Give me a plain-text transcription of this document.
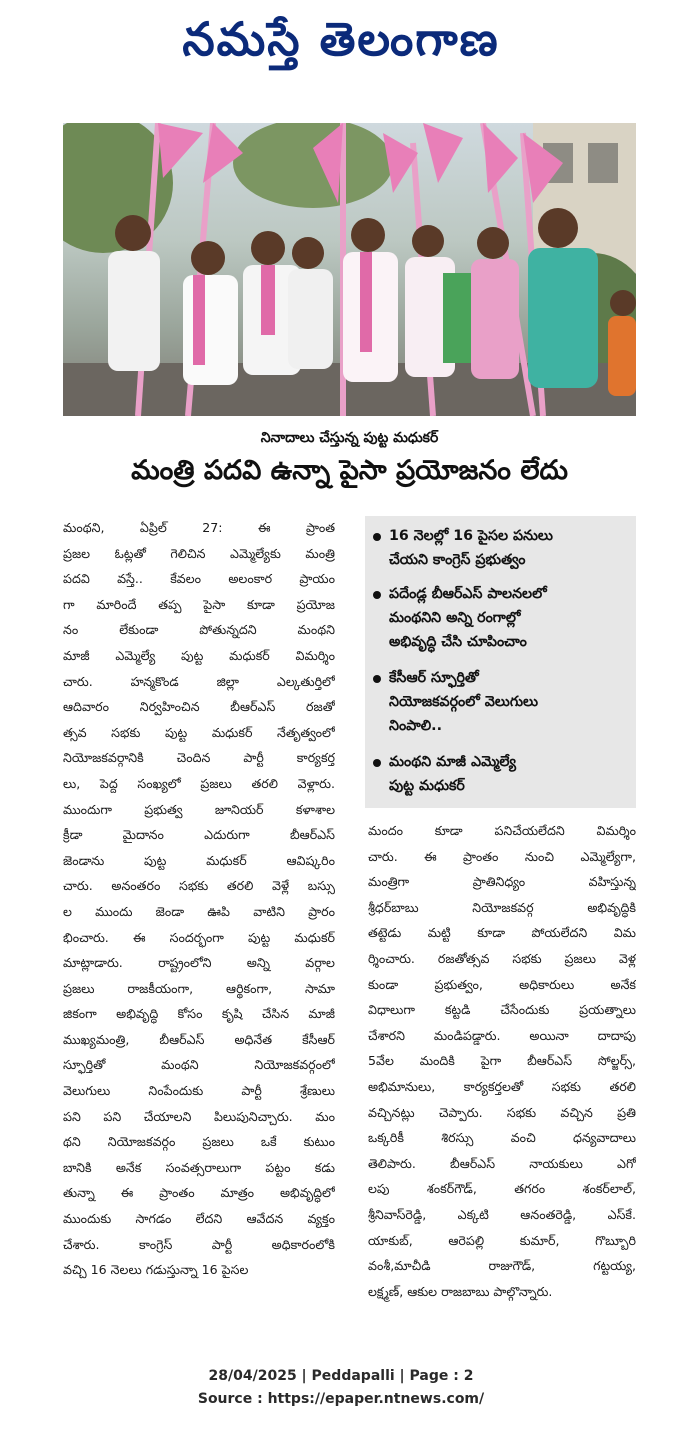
నమస్తే తెలంగాణ
నినాదాలు చేస్తున్న పుట్ట మధుకర్
మంత్రి పదవి ఉన్నా పైసా ప్రయోజనం లేదు
మంథని, ఏప్రిల్ 27: ఈ ప్రాంత
ప్రజల ఓట్లతో గెలిచిన ఎమ్మెల్యేకు మంత్రి
పదవి వస్తే.. కేవలం అలంకార ప్రాయం
గా మారిందే తప్ప పైసా కూడా ప్రయోజ
నం లేకుండా పోతున్నదని మంథని
మాజీ ఎమ్మెల్యే పుట్ట మధుకర్ విమర్శిం
చారు. హన్మకొండ జిల్లా ఎల్కతుర్తిలో
ఆదివారం నిర్వహించిన బీఆర్ఎస్ రజతో
త్సవ సభకు పుట్ట మధుకర్ నేతృత్వంలో
నియోజకవర్గానికి చెందిన పార్టీ కార్యకర్త
లు, పెద్ద సంఖ్యలో ప్రజలు తరలి వెళ్లారు.
ముందుగా ప్రభుత్వ జూనియర్ కళాశాల
క్రీడా మైదానం ఎదురుగా బీఆర్ఎస్
జెండాను పుట్ట మధుకర్ ఆవిష్కరిం
చారు. అనంతరం సభకు తరలి వెళ్లే బస్సు
ల ముందు జెండా ఊపి వాటిని ప్రారం
భించారు. ఈ సందర్భంగా పుట్ట మధుకర్
మాట్లాడారు. రాష్ట్రంలోని అన్ని వర్గాల
ప్రజలు రాజకీయంగా, ఆర్థికంగా, సామా
జికంగా అభివృద్ధి కోసం కృషి చేసిన మాజీ
ముఖ్యమంత్రి, బీఆర్ఎస్ అధినేత కేసీఆర్
స్ఫూర్తితో మంథని నియోజకవర్గంలో
వెలుగులు నింపేందుకు పార్టీ శ్రేణులు
పని పని చేయాలని పిలుపునిచ్చారు. మం
థని నియోజకవర్గం ప్రజలు ఒకే కుటుం
బానికి అనేక సంవత్సరాలుగా పట్టం కడు
తున్నా ఈ ప్రాంతం మాత్రం అభివృద్ధిలో
ముందుకు సాగడం లేదని ఆవేదన వ్యక్తం
చేశారు. కాంగ్రెస్ పార్టీ అధికారంలోకి
వచ్చి 16 నెలలు గడుస్తున్నా 16 పైసల
16 నెలల్లో 16 పైసల పనులు
చేయని కాంగ్రెస్ ప్రభుత్వం
పదేండ్ల బీఆర్ఎస్ పాలనలలో
మంథనిని అన్ని రంగాల్లో
అభివృద్ధి చేసి చూపించాం
కేసీఆర్ స్ఫూర్తితో
నియోజకవర్గంలో వెలుగులు
నింపాలి..
మంథని మాజీ ఎమ్మెల్యే
పుట్ట మధుకర్
మందం కూడా పనిచేయలేదని విమర్శిం
చారు. ఈ ప్రాంతం నుంచి ఎమ్మెల్యేగా,
మంత్రిగా ప్రాతినిధ్యం వహిస్తున్న
శ్రీధర్‌బాబు నియోజకవర్గ అభివృద్ధికి
తట్టెడు మట్టి కూడా పోయలేదని విమ
ర్శించారు. రజతోత్సవ సభకు ప్రజలు వెళ్ల
కుండా ప్రభుత్వం, అధికారులు అనేక
విధాలుగా కట్టడి చేసేందుకు ప్రయత్నాలు
చేశారని మండిపడ్డారు. అయినా దాదాపు
5వేల మందికి పైగా బీఆర్ఎస్ సోల్జర్స్,
అభిమానులు, కార్యకర్తలతో సభకు తరలి
వచ్చినట్లు చెప్పారు. సభకు వచ్చిన ప్రతి
ఒక్కరికీ శిరస్సు వంచి ధన్యవాదాలు
తెలిపారు. బీఆర్ఎస్ నాయకులు ఎగో
లపు శంకర్‌గౌడ్, తగరం శంకర్‌లాల్,
శ్రీనివాస్‌రెడ్డి, ఎక్కటి ఆనంతరెడ్డి, ఎస్‌కే.
యాకుబ్, ఆరెపల్లి కుమార్, గొబ్బూరి
వంశీ,మాచీడి రాజుగౌడ్, గట్టయ్య,
లక్ష్మణ్, ఆకుల రాజబాబు పాల్గొన్నారు.
28/04/2025 | Peddapalli | Page : 2
Source : https://epaper.ntnews.com/
